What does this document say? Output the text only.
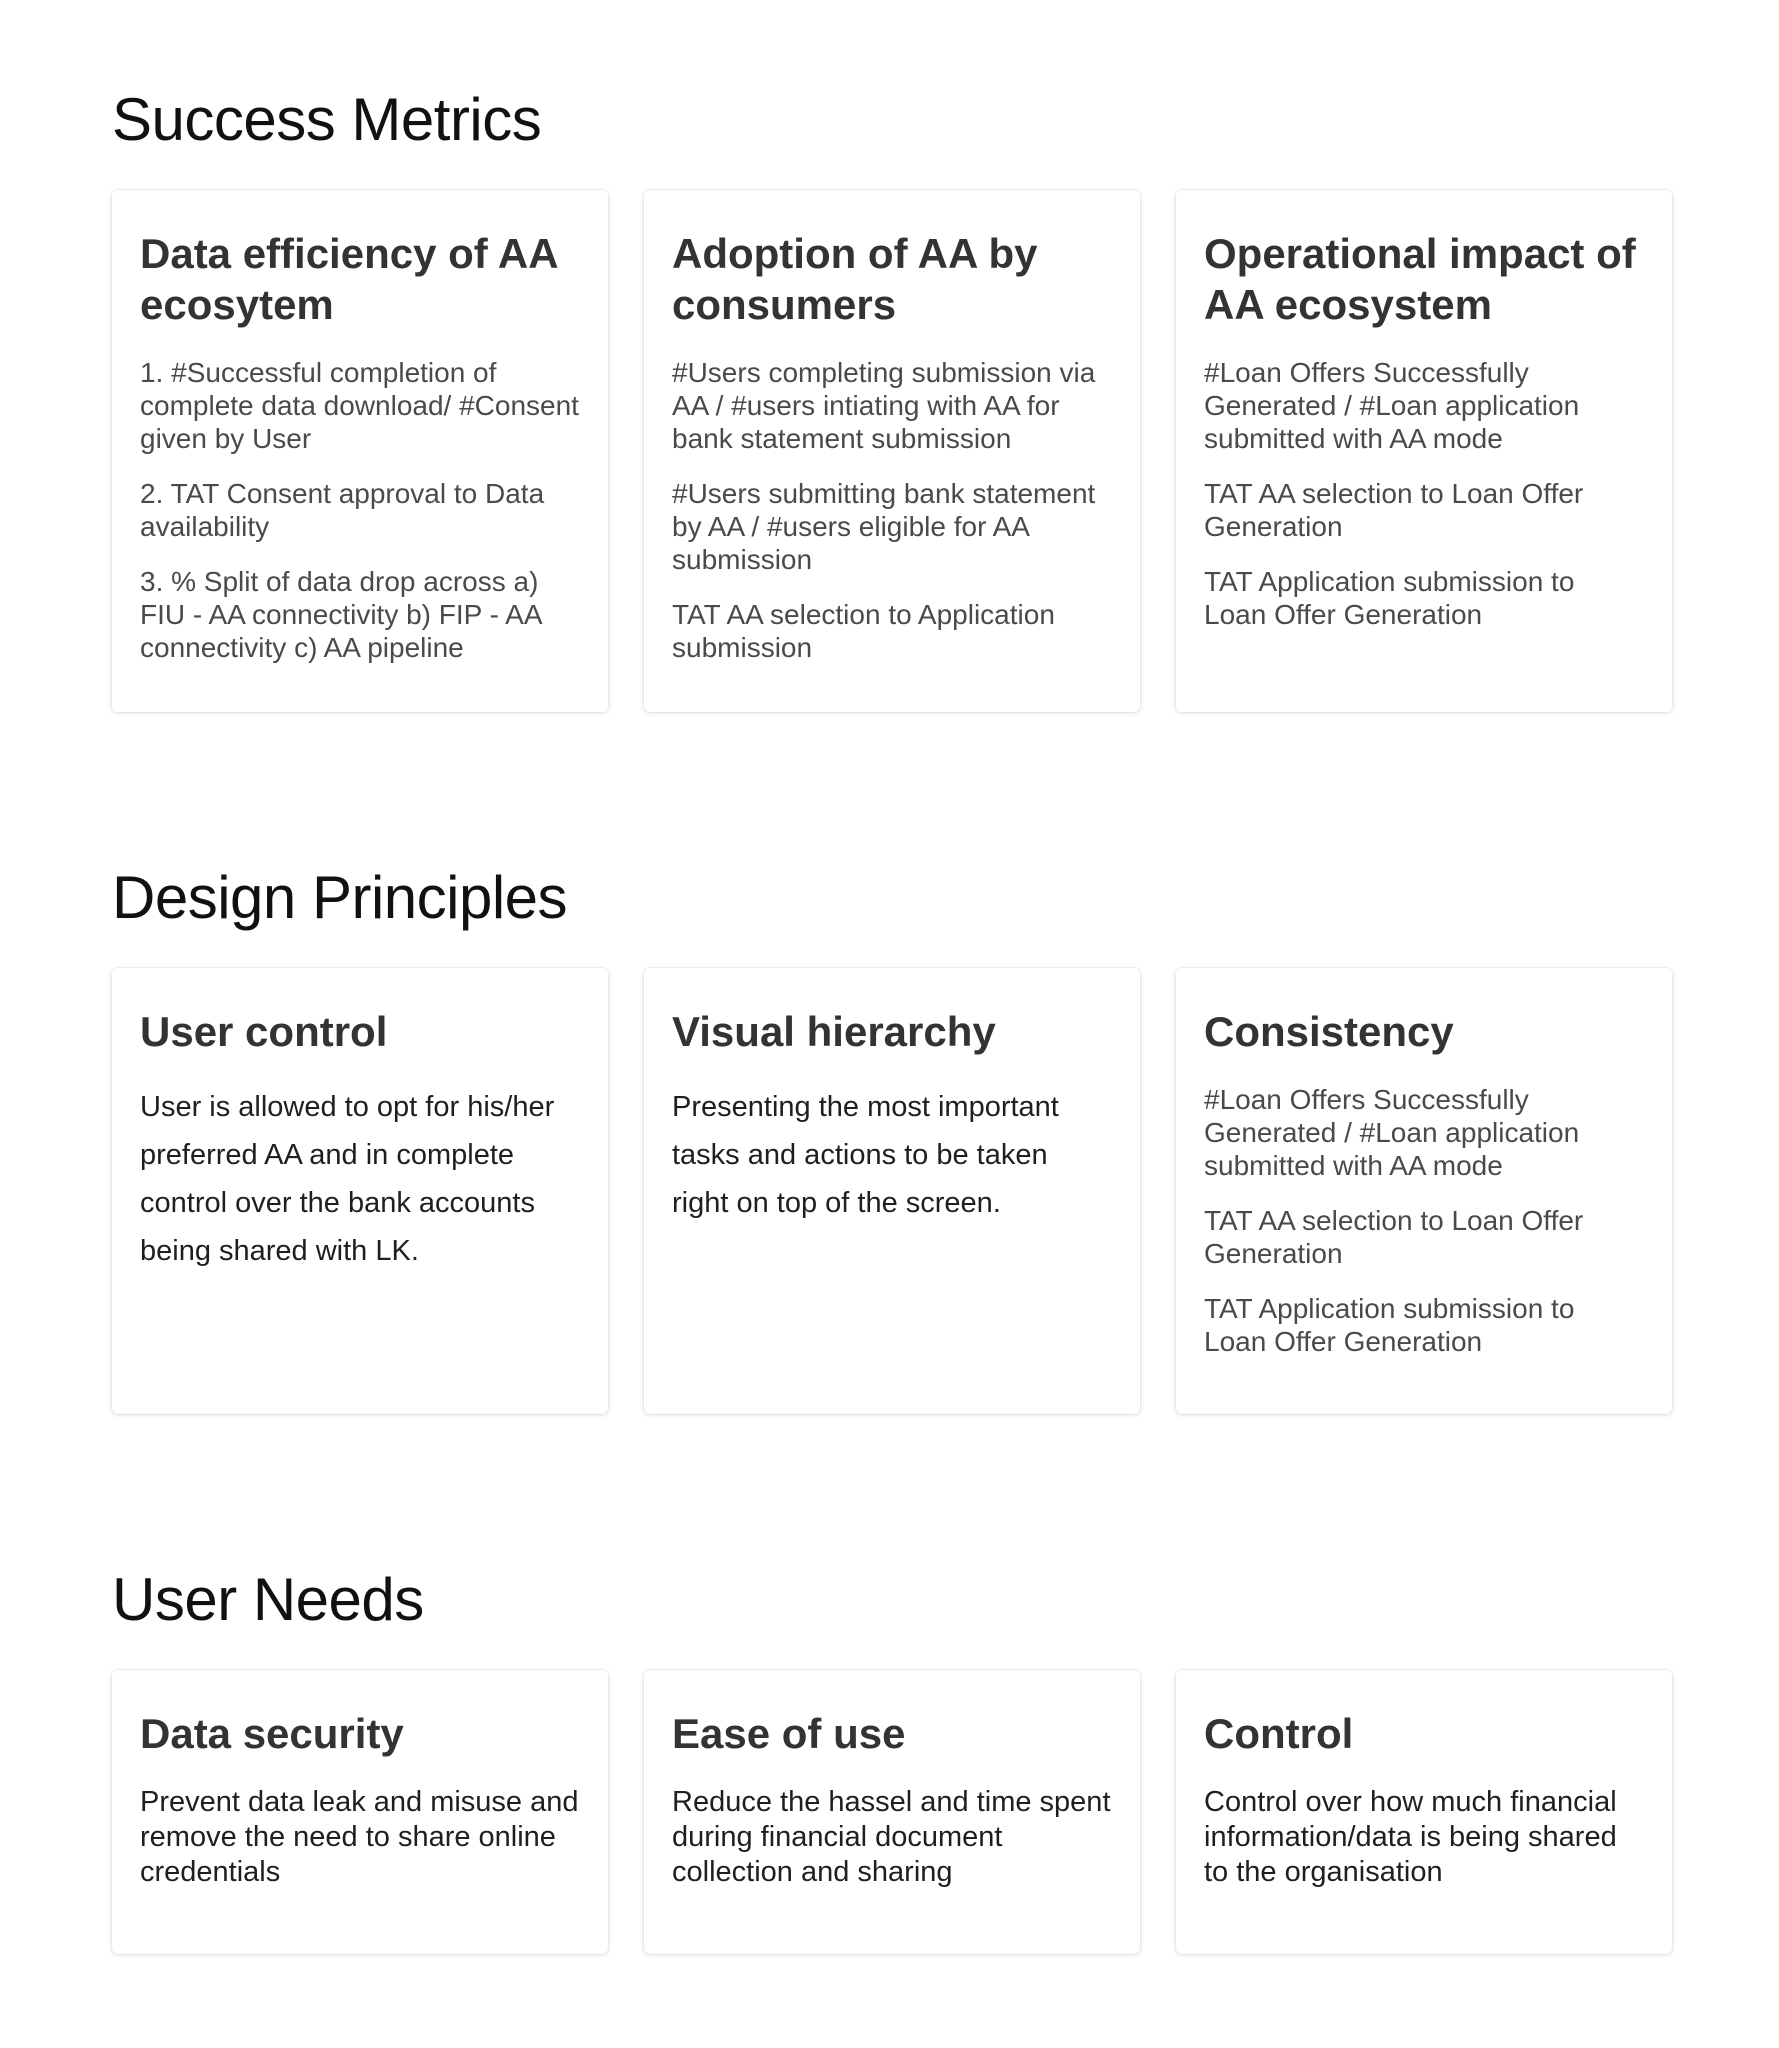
Success Metrics
Data efficiency of AA ecosytem

1. #Successful completion of complete data download/ #Consent given by User

2. TAT Consent approval to Data availability

3. % Split of data drop across a) FIU - AA connectivity b) FIP - AA connectivity c) AA pipeline

Adoption of AA by consumers

#Users completing submission via AA / #users intiating with AA for bank statement submission

#Users submitting bank statement by AA / #users eligible for AA submission

TAT AA selection to Application submission

Operational impact of AA ecosystem

#Loan Offers Successfully Generated / #Loan application submitted with AA mode

TAT AA selection to Loan Offer Generation

TAT Application submission to Loan Offer Generation

Design Principles
User control

User is allowed to opt for his/her preferred AA and in complete control over the bank accounts being shared with LK.

Visual hierarchy

Presenting the most important tasks and actions to be taken right on top of the screen.

Consistency

#Loan Offers Successfully Generated / #Loan application submitted with AA mode

TAT AA selection to Loan Offer Generation

TAT Application submission to Loan Offer Generation

User Needs
Data security

Prevent data leak and misuse and remove the need to share online credentials

Ease of use

Reduce the hassel and time spent during financial document collection and sharing

Control

Control over how much financial information/data is being shared to the organisation
